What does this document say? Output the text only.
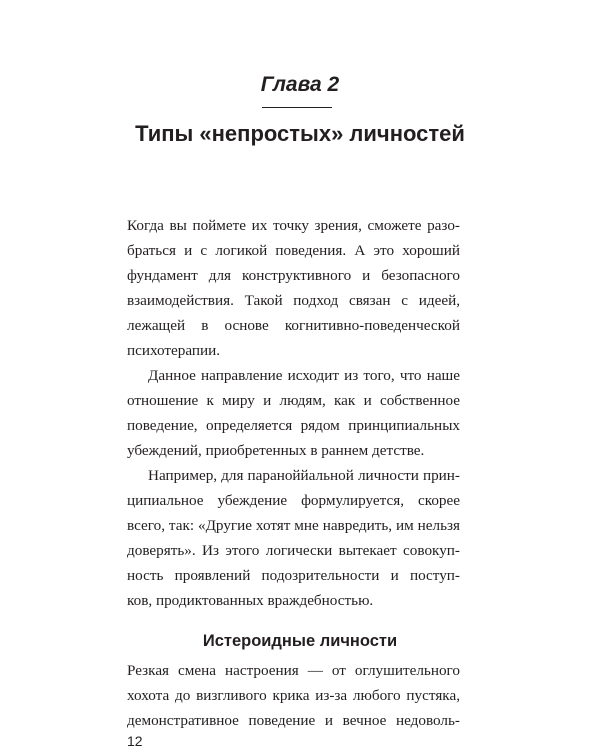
Глава 2
Типы «непростых» личностей

Когда вы поймете их точку зрения, сможете разо-

браться и с логикой поведения. А это хороший

фундамент для конструктивного и безопасного

взаимодействия. Такой подход связан с идеей,

лежащей в основе когнитивно-поведенческой

психотерапии.

Данное направление исходит из того, что наше

отношение к миру и людям, как и собственное

поведение, определяется рядом принципиальных

убеждений, приобретенных в раннем детстве.

Например, для параноййальной личности прин-

ципиальное убеждение формулируется, скорее

всего, так: «Другие хотят мне навредить, им нельзя

доверять». Из этого логически вытекает совокуп-

ность проявлений подозрительности и поступ-

ков, продиктованных враждебностью.

Истероидные личности

Резкая смена настроения — от оглушительного

хохота до визгливого крика из-за любого пустяка,

демонстративное поведение и вечное недоволь-

12
